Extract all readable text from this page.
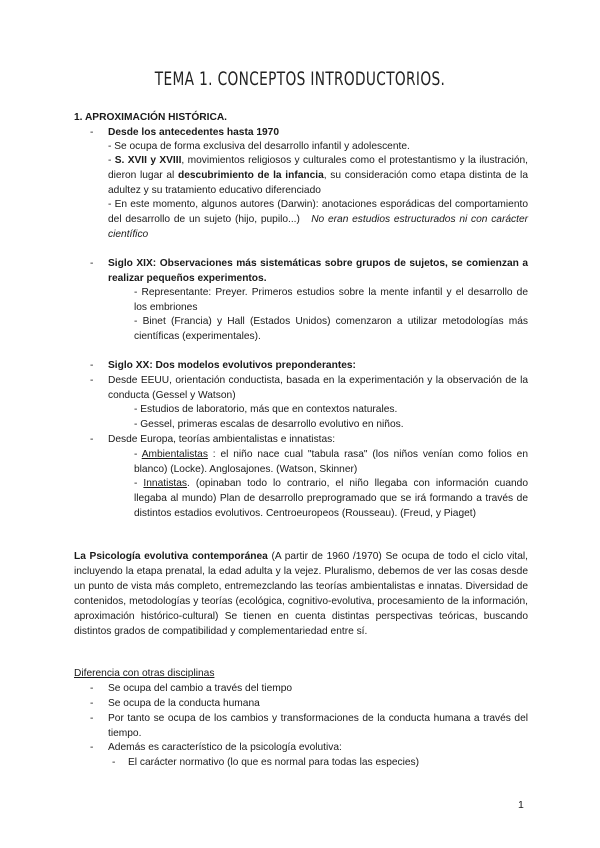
TEMA 1. CONCEPTOS INTRODUCTORIOS.
1. APROXIMACIÓN HISTÓRICA.
- Desde los antecedentes hasta 1970
- Se ocupa de forma exclusiva del desarrollo infantil y adolescente.
- S. XVII y XVIII, movimientos religiosos y culturales como el protestantismo y la ilustración, dieron lugar al descubrimiento de la infancia, su consideración como etapa distinta de la adultez y su tratamiento educativo diferenciado
- En este momento, algunos autores (Darwin): anotaciones esporádicas del comportamiento del desarrollo de un sujeto (hijo, pupilo...) No eran estudios estructurados ni con carácter científico
- Siglo XIX: Observaciones más sistemáticas sobre grupos de sujetos, se comienzan a realizar pequeños experimentos.
- Representante: Preyer. Primeros estudios sobre la mente infantil y el desarrollo de los embriones
- Binet (Francia) y Hall (Estados Unidos) comenzaron a utilizar metodologías más científicas (experimentales).
- Siglo XX: Dos modelos evolutivos preponderantes:
- Desde EEUU, orientación conductista, basada en la experimentación y la observación de la conducta (Gessel y Watson)
- Estudios de laboratorio, más que en contextos naturales.
- Gessel, primeras escalas de desarrollo evolutivo en niños.
- Desde Europa, teorías ambientalistas e innatistas:
- Ambientalistas : el niño nace cual "tabula rasa" (los niños venían como folios en blanco) (Locke). Anglosajones. (Watson, Skinner)
- Innatistas. (opinaban todo lo contrario, el niño llegaba con información cuando llegaba al mundo) Plan de desarrollo preprogramado que se irá formando a través de distintos estadios evolutivos. Centroeuropeos (Rousseau). (Freud, y Piaget)
La Psicología evolutiva contemporánea (A partir de 1960 /1970) Se ocupa de todo el ciclo vital, incluyendo la etapa prenatal, la edad adulta y la vejez. Pluralismo, debemos de ver las cosas desde un punto de vista más completo, entremezclando las teorías ambientalistas e innatas. Diversidad de contenidos, metodologías y teorías (ecológica, cognitivo-evolutiva, procesamiento de la información, aproximación histórico-cultural) Se tienen en cuenta distintas perspectivas teóricas, buscando distintos grados de compatibilidad y complementariedad entre sí.
Diferencia con otras disciplinas
- Se ocupa del cambio a través del tiempo
- Se ocupa de la conducta humana
- Por tanto se ocupa de los cambios y transformaciones de la conducta humana a través del tiempo.
- Además es característico de la psicología evolutiva:
- El carácter normativo (lo que es normal para todas las especies)
1
